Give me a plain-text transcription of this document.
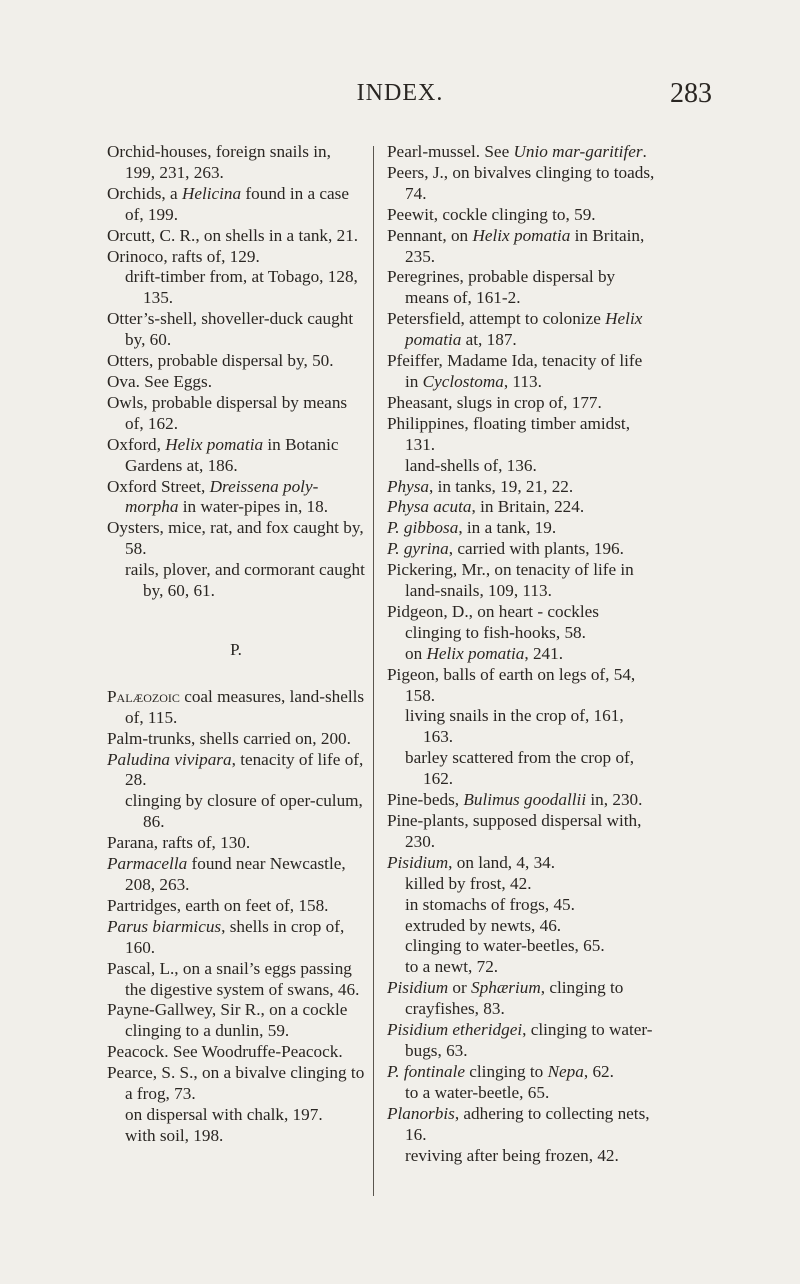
INDEX.	283
Orchid-houses, foreign snails in, 199, 231, 263.
Orchids, a Helicina found in a case of, 199.
Orcutt, C. R., on shells in a tank, 21.
Orinoco, rafts of, 129.
drift-timber from, at Tobago, 128, 135.
Otter’s-shell, shoveller-duck caught by, 60.
Otters, probable dispersal by, 50.
Ova. See Eggs.
Owls, probable dispersal by means of, 162.
Oxford, Helix pomatia in Botanic Gardens at, 186.
Oxford Street, Dreissena poly-morpha in water-pipes in, 18.
Oysters, mice, rat, and fox caught by, 58.
rails, plover, and cormorant caught by, 60, 61.
P.
Palæozoic coal measures, land-shells of, 115.
Palm-trunks, shells carried on, 200.
Paludina vivipara, tenacity of life of, 28.
clinging by closure of oper-culum, 86.
Parana, rafts of, 130.
Parmacella found near Newcastle, 208, 263.
Partridges, earth on feet of, 158.
Parus biarmicus, shells in crop of, 160.
Pascal, L., on a snail’s eggs passing the digestive system of swans, 46.
Payne-Gallwey, Sir R., on a cockle clinging to a dunlin, 59.
Peacock. See Woodruffe-Peacock.
Pearce, S. S., on a bivalve clinging to a frog, 73.
on dispersal with chalk, 197.
with soil, 198.
Pearl-mussel. See Unio mar-garitifer.
Peers, J., on bivalves clinging to toads, 74.
Peewit, cockle clinging to, 59.
Pennant, on Helix pomatia in Britain, 235.
Peregrines, probable dispersal by means of, 161-2.
Petersfield, attempt to colonize Helix pomatia at, 187.
Pfeiffer, Madame Ida, tenacity of life in Cyclostoma, 113.
Pheasant, slugs in crop of, 177.
Philippines, floating timber amidst, 131.
land-shells of, 136.
Physa, in tanks, 19, 21, 22.
Physa acuta, in Britain, 224.
P. gibbosa, in a tank, 19.
P. gyrina, carried with plants, 196.
Pickering, Mr., on tenacity of life in land-snails, 109, 113.
Pidgeon, D., on heart - cockles clinging to fish-hooks, 58.
on Helix pomatia, 241.
Pigeon, balls of earth on legs of, 54, 158.
living snails in the crop of, 161, 163.
barley scattered from the crop of, 162.
Pine-beds, Bulimus goodallii in, 230.
Pine-plants, supposed dispersal with, 230.
Pisidium, on land, 4, 34.
killed by frost, 42.
in stomachs of frogs, 45.
extruded by newts, 46.
clinging to water-beetles, 65.
to a newt, 72.
Pisidium or Sphærium, clinging to crayfishes, 83.
Pisidium etheridgei, clinging to water-bugs, 63.
P. fontinale clinging to Nepa, 62.
to a water-beetle, 65.
Planorbis, adhering to collecting nets, 16.
reviving after being frozen, 42.
